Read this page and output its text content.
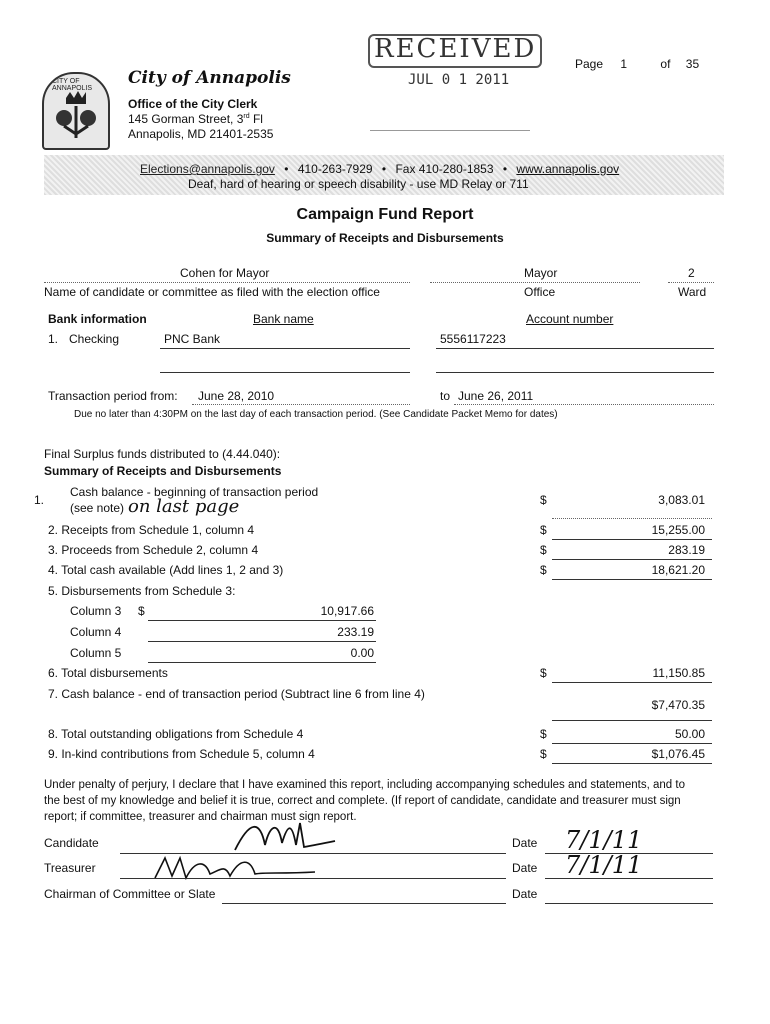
RECEIVED
JUL 0 1 2011
Page 1	of 35
CITY OF ANNAPOLIS
City of Annapolis
Office of the City Clerk
145 Gorman Street, 3rd Fl
Annapolis, MD 21401-2535
Elections@annapolis.gov • 410-263-7929 • Fax 410-280-1853 • www.annapolis.gov
Deaf, hard of hearing or speech disability - use MD Relay or 711
Campaign Fund Report
Summary of Receipts and Disbursements
Cohen for Mayor
Name of candidate or committee as filed with the election office
Mayor
Office
2
Ward
Bank information	Bank name	Account number
1. Checking	PNC Bank	5556117223
Transaction period from: June 28, 2010	to June 26, 2011
Due no later than 4:30PM on the last day of each transaction period. (See Candidate Packet Memo for dates)
Final Surplus funds distributed to (4.44.040):
Summary of Receipts and Disbursements
1.
Cash balance - beginning of transaction period
(see note) on last page	$	3,083.01
2. Receipts from Schedule 1, column 4	$	15,255.00
3. Proceeds from Schedule 2, column 4	$	283.19
4. Total cash available (Add lines 1, 2 and 3)	$	18,621.20
5. Disbursements from Schedule 3:
Column 3 $	10,917.66
Column 4	233.19
Column 5	0.00
6. Total disbursements	$	11,150.85
7. Cash balance - end of transaction period (Subtract line 6 from line 4)
$7,470.35
8. Total outstanding obligations from Schedule 4	$	50.00
9. In-kind contributions from Schedule 5, column 4	$	$1,076.45
Under penalty of perjury, I declare that I have examined this report, including accompanying schedules and statements, and to
the best of my knowledge and belief it is true, correct and complete. (If report of candidate, candidate and treasurer must sign
report; if committee, treasurer and chairman must sign report.
Candidate	Date 7/1/11
Treasurer	Date 7/1/11
Chairman of Committee or Slate	Date
